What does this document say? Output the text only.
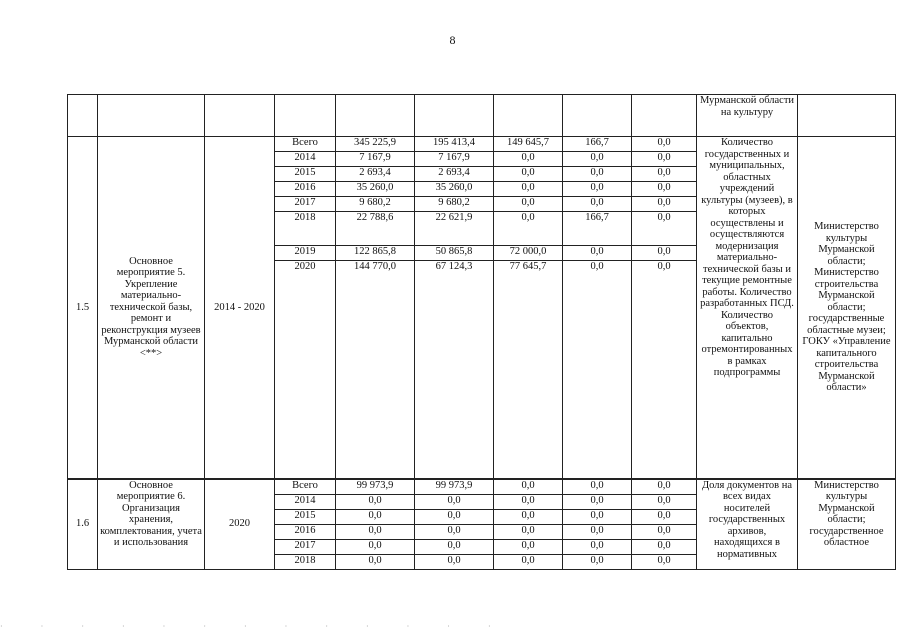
8
									Мурманской области на культуру	
1.5	Основное мероприятие 5. Укрепление материально-технической базы, ремонт и реконструкция музеев Мурманской области <**>	2014 - 2020	Всего	345 225,9	195 413,4	149 645,7	166,7	0,0	Количество государственных и муниципальных, областных учреждений культуры (музеев), в которых осуществлены и осуществляются модернизация материально-технической базы и текущие ремонтные работы. Количество разработанных ПСД. Количество объектов, капитально отремонтированных в рамках подпрограммы	Министерство культуры Мурманской области; Министерство строительства Мурманской области; государственные областные музеи; ГОКУ «Управление капитального строительства Мурманской области»
			2014	7 167,9	7 167,9	0,0	0,0	0,0		
			2015	2 693,4	2 693,4	0,0	0,0	0,0		
			2016	35 260,0	35 260,0	0,0	0,0	0,0		
			2017	9 680,2	9 680,2	0,0	0,0	0,0		
			2018	22 788,6	22 621,9	0,0	166,7	0,0		
			2019	122 865,8	50 865,8	72 000,0	0,0	0,0		
			2020	144 770,0	67 124,3	77 645,7	0,0	0,0		
1.6	Основное мероприятие 6. Организация хранения, комплектования, учета и использования	2020	Всего	99 973,9	99 973,9	0,0	0,0	0,0	Доля документов на всех видах носителей государственных архивов, находящихся в нормативных	Министерство культуры Мурманской области; государственное областное
			2014	0,0	0,0	0,0	0,0	0,0		
			2015	0,0	0,0	0,0	0,0	0,0		
			2016	0,0	0,0	0,0	0,0	0,0		
			2017	0,0	0,0	0,0	0,0	0,0		
			2018	0,0	0,0	0,0	0,0	0,0		
· · · · · · · · · · · · ·
